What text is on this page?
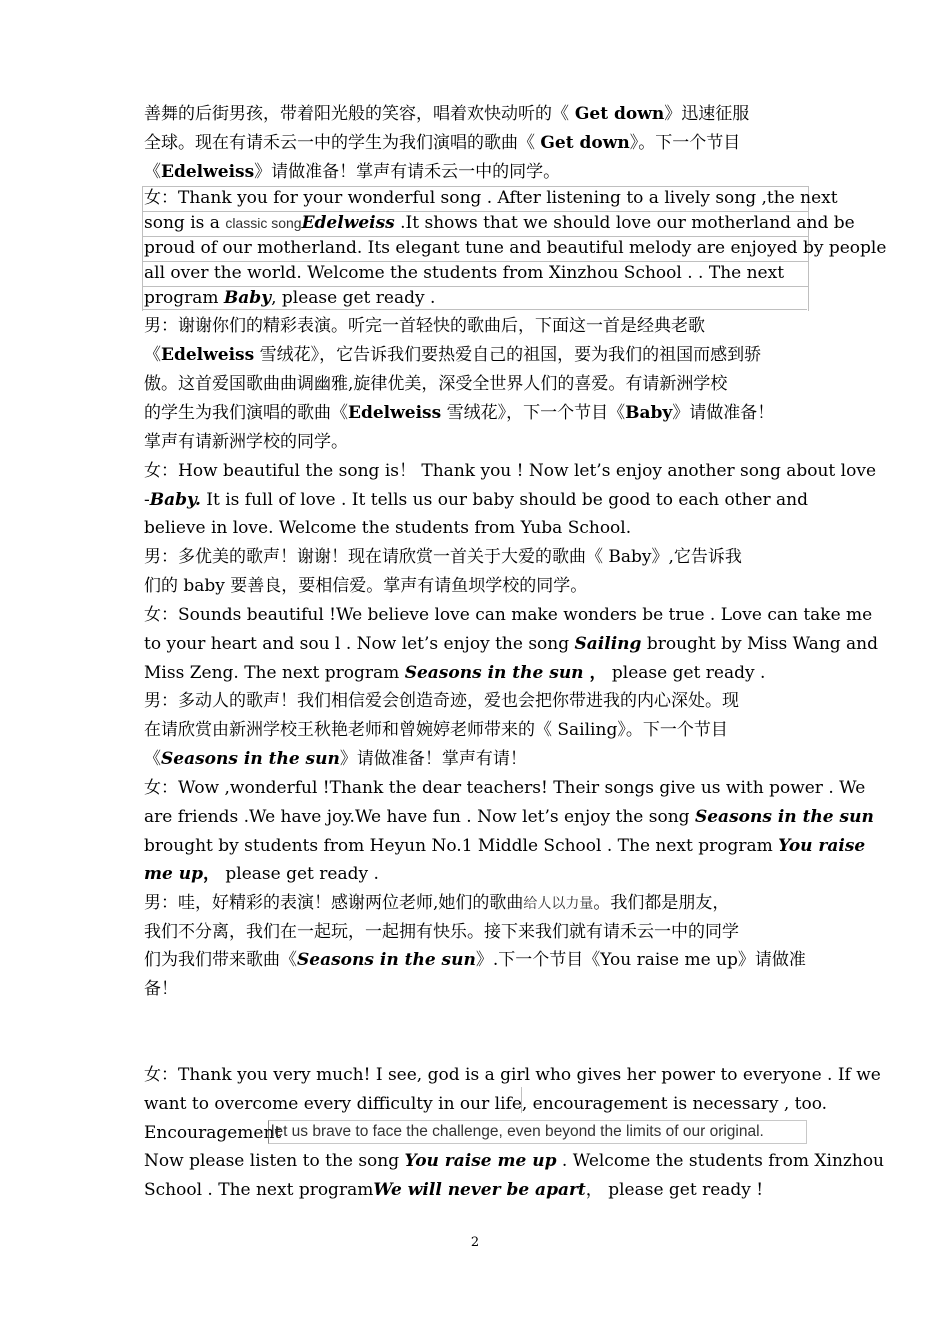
善舞的后街男孩，带着阳光般的笑容，唱着欢快动听的《 Get down》迅速征服
全球。现在有请禾云一中的学生为我们演唱的歌曲《 Get down》。下一个节目
《Edelweiss》请做准备！掌声有请禾云一中的同学。
女：Thank you for your wonderful song . After listening to a lively song ,the next
song is a classic songEdelweiss .It shows that we should love our motherland and be
proud of our motherland. Its elegant tune and beautiful melody are enjoyed by people
all over the world. Welcome the students from Xinzhou School . . The next
program Baby, please get ready .
男：谢谢你们的精彩表演。听完一首轻快的歌曲后，下面这一首是经典老歌
《Edelweiss 雪绒花》，它告诉我们要热爱自己的祖国，要为我们的祖国而感到骄
傲。这首爱国歌曲曲调幽雅,旋律优美，深受全世界人们的喜爱。有请新洲学校
的学生为我们演唱的歌曲《Edelweiss 雪绒花》，下一个节目《Baby》请做准备！
掌声有请新洲学校的同学。
女：How beautiful the song is！ Thank you ! Now let’s enjoy another song about love
-Baby. It is full of love . It tells us our baby should be good to each other and
believe in love. Welcome the students from Yuba School.
男：多优美的歌声！谢谢！现在请欣赏一首关于大爱的歌曲《 Baby》,它告诉我
们的 baby 要善良，要相信爱。掌声有请鱼坝学校的同学。
女：Sounds beautiful !We believe love can make wonders be true . Love can take me
to your heart and sou l . Now let’s enjoy the song Sailing brought by Miss Wang and
Miss Zeng. The next program Seasons in the sun ， please get ready .
男：多动人的歌声！我们相信爱会创造奇迹，爱也会把你带进我的内心深处。现
在请欣赏由新洲学校王秋艳老师和曾婉婷老师带来的《 Sailing》。下一个节目
《Seasons in the sun》请做准备！掌声有请！
女：Wow ,wonderful !Thank the dear teachers! Their songs give us with power . We
are friends .We have joy.We have fun . Now let’s enjoy the song Seasons in the sun
brought by students from Heyun No.1 Middle School . The next program You raise
me up， please get ready .
男：哇，好精彩的表演！感谢两位老师,她们的歌曲给人以力量。我们都是朋友，
我们不分离，我们在一起玩，一起拥有快乐。接下来我们就有请禾云一中的同学
们为我们带来歌曲《Seasons in the sun》.下一个节目《You raise me up》请做准
备！
女：Thank you very much! I see, god is a girl who gives her power to everyone . If we
want to overcome every difficulty in our life, encouragement is necessary , too.
Encouragement
let us brave to face the challenge, even beyond the limits of our original.
Now please listen to the song You raise me up . Welcome the students from Xinzhou
School . The next programWe will never be apart， please get ready !
2
